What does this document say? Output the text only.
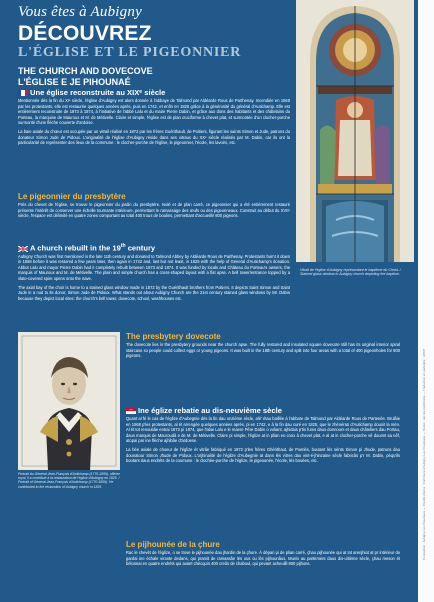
Vous êtes à Aubigny
DÉCOUVREZ
L'ÉGLISE ET LE PIGEONNIER
THE CHURCH AND DOVECOVE
L'ÉGLISE E JE PIHOUNAÉ
Vitrail de l'église d'Aubigny représentant le baptême du Christ. / Stained glass window in Aubigny church depicting the baptism.

Une église reconstruite au XIXᵉ siècle

Mentionnée dès la fin du XIᵉ siècle, l'église d'Aubigny est alors donnée à l'abbaye de Talmond par Aldéarde Rous de Parthenay. Incendiée en 1568 par les protestants, elle est restaurée quelques années après, puis en 1742, et enfin en 1825 grâce à la générosité du général d'Autichamp. Elle est entièrement reconstruite de 1873 à 1874, à l'initiative de l'abbé Lalu et du maire Pierre Dabin, et grâce aux dons des habitants et des châtelains du Porteau, la marquise de Mauroux et M. de Métivelle. Claire et simple, l'église est de plan cruciforme à chevet plat, et surmontée d'un clocher-porche surmonté d'une flèche couverte d'ardoise.

La baie axiale du chœur est occupée par un vitrail réalisé en 1872 par les frères Guérithault, de Poitiers, figurant les saints Simon et Jude, patrons du donateur Simon Jude de Pidoux. L'originalité de l'église d'Aubigny réside dans ses vitraux du XXᵉ siècle réalisés par M. Dabin, car ils ont la particularité de représenter des lieux de la commune : le clocher-porche de l'église, le pigeonnier, l'école, les lavoirs, etc.

Le pigeonnier du presbytère

Près du chevet de l'église, se trouve le pigeonnier du jardin du presbytère. Isolé et de plan carré, ce pigeonnier qui a été entièrement restauré présente l'intérêt de conserver une échelle tournante intérieure, permettant le ramassage des œufs ou des pigeonneaux. Construit au début du XVIIᵉ siècle, l'espace est délimité en quatre zones comportant au total 400 trous de boulins, permettant d'accueillir 800 pigeons.

A church rebuilt in the 19th century

Aubigny Church was first mentioned in the late 11th century and donated to Talmond Abbey by Aldéarde Rous de Parthenay. Protestants burnt it down in 1568 before it was restored a few years later, then again in 1742 and, last but not least, in 1825 with the help of General d'Autichamp's donation. Abbot Lalu and mayor Pierre Dabin had it completely rebuilt between 1873 and 1874. It was funded by locals and Château du Porteau's owners, the marquis of Mauroux and M. de Métivelle. The plain and simple church has a cross-shaped layout with a flat apse. A bell tower/entrance topped by a slate-covered spire opens onto the nave.

The axial bay of the choir is home to a stained glass window made in 1872 by the Guérithault brothers from Poitiers. It depicts Saint Simon and Saint Jude in a nod to its donor, Simon Jude de Pidoux. What stands out about Aubigny Church are the 21st century stained glass windows by Mr. Dabin because they depict local sites: the church's bell tower, dovecote, school, washhouses etc.

Portrait du Général Jean-François d'Autichamp (1770-1859), officier royal, il a contribué à la restauration de l'église d'Aubigny en 1825. / Portrait of General Jean-François d'Autichamp (1770-1859). He contributed to the restoration of Aubigny church in 1825.

The presbytery dovecote

The dovecote lies in the presbytery grounds near the church apse. The fully restored and insulated square dovecote still has its original interior spiral staircase so people could collect eggs or young pigeons. It was built in the 18th century and split into four areas with a total of 400 pigeonholes for 800 pigeons.

Ine églize rebatie au dis-neuvième sècle

Quant al fé le cas de l'églize d'Aubegnie dès la fin dau onzième sècle, alé' étau baillée à l'abbaïe de Talmond par Aldéarde Rous de Partenée. Brulâie en 1568 p'les protestants, al ét arrengée quelques années après, pi en 1742, e à la fin dau curé en 1825, que le zhénéraü d'Autichamp dounit la mén. Al ét tot renoutiâe entrai 1873 pi 1874, que l'abai Lalu e le maere Père Dabin o voliant, ajhidais p'tis fums daus donnours et daus châteliers dau Portau, daus marquis de Mauroudâ e de M. de Métivelle. Claire pi simple, l'églize at in plian en croix à chevet plat, e al at in clocher-porche vê dounnt sa nêf, atopai par ine flèche ajhibâe d'ardoese.

La bée axiale de choeur de l'églize ét vitrâe fabriqué en 1872 p'les frères Ghérithaut, de Poetiés, boutant lés sénts Simon pi Jhude, patruns dau dounatour Simon Jhude de Pidoux. L'orjhinalité de l'églize d'Aubegnie at dans lés vitres dau vint-é-jhinzaine sècle fabricâs p'r M. Dabin, pèqu'ils boutant daus endréts de la coumune : le clochée-porche de l'églize, le pigeounée, l'école, lés bouées, etc.

Le pijhounée de la çhure

Rac le chevét de l'églize, o se trove le pijhounée dau jhardin de la çhure. À dépari pi de plian carré, çhau pijhounée qui at tot arenjhiat at pr intérieur de gardai ine échale virante dedans, qui pramit de ramassâe lés ous ou lés pijhounâus. Munis au partement daus dis-uitième sècle, çhau meson ét bélonnai en quatre endréts qui avant chécquin 400 creûs de chaboul, qui pevant acheuilli 800 pijhons.

Conception : Aubigny-Les Clouzeaux — Crédits photos : Commune d'Aubigny-Les Clouzeaux — Textes : service patrimoine — Traduction en parlanjhe : UPCP
